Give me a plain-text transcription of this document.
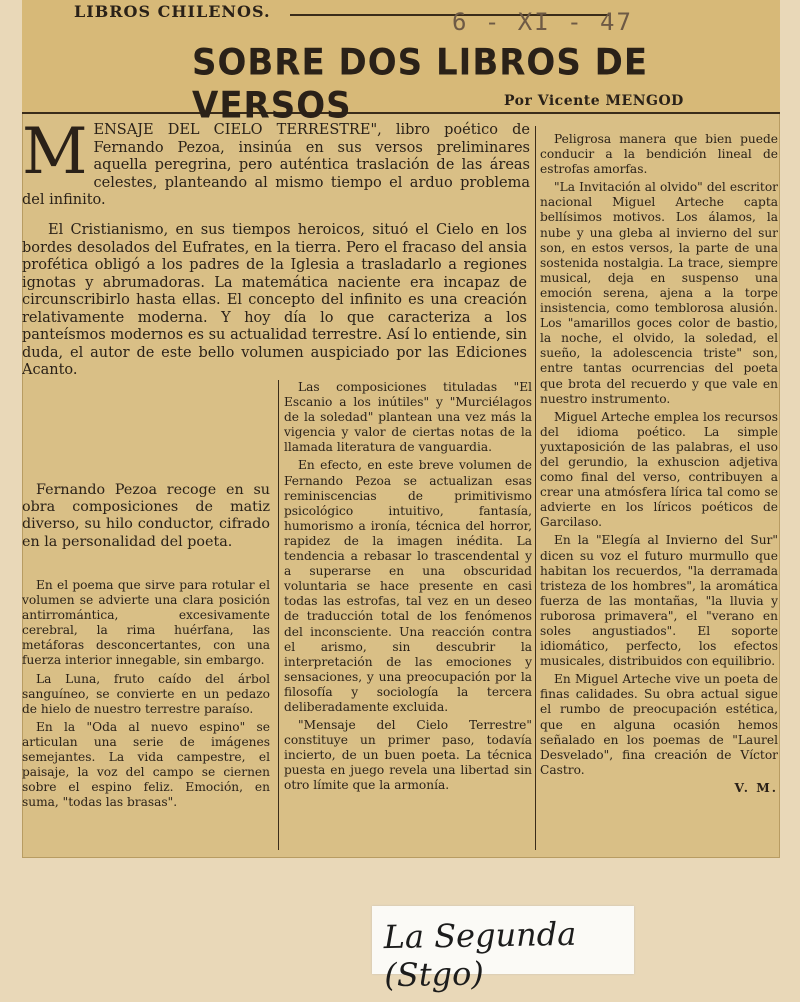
LIBROS CHILENOS.	6 - XI - 47
SOBRE DOS LIBROS DE VERSOS	Por Vicente MENGOD
M ENSAJE DEL CIELO TERRESTRE", libro poético de Fernando Pezoa, insinúa en sus versos preliminares aquella peregrina, pero auténtica traslación de las áreas celestes, planteando al mismo tiempo el arduo problema del infinito.

El Cristianismo, en sus tiempos heroicos, situó el Cielo en los bordes desolados del Eufrates, en la tierra. Pero el fracaso del ansia profética obligó a los padres de la Iglesia a trasladarlo a regiones ignotas y abrumadoras. La matemática naciente era incapaz de circunscribirlo hasta ellas. El concepto del infinito es una creación relativamente moderna. Y hoy día lo que caracteriza a los panteísmos modernos es su actualidad terrestre. Así lo entiende, sin duda, el autor de este bello volumen auspiciado por las Ediciones Acanto.

Fernando Pezoa recoge en su obra composiciones de matiz diverso, su hilo conductor, cifrado en la personalidad del poeta.

En el poema que sirve para rotular el volumen se advierte una clara posición antirromántica, excesivamente cerebral, la rima huérfana, las metáforas desconcertantes, con una fuerza interior innegable, sin embargo.

La Luna, fruto caído del árbol sanguíneo, se convierte en un pedazo de hielo de nuestro terrestre paraíso.

En la "Oda al nuevo espino" se articulan una serie de imágenes semejantes. La vida campestre, el paisaje, la voz del campo se ciernen sobre el espino feliz. Emoción, en suma, "todas las brasas".

Las composiciones tituladas "El Escanio a los inútiles" y "Murciélagos de la soledad" plantean una vez más la vigencia y valor de ciertas notas de la llamada literatura de vanguardia.

En efecto, en este breve volumen de Fernando Pezoa se actualizan esas reminiscencias de primitivismo psicológico intuitivo, fantasía, humorismo a ironía, técnica del horror, rapidez de la imagen inédita. La tendencia a rebasar lo trascendental y a superarse en una obscuridad voluntaria se hace presente en casi todas las estrofas, tal vez en un deseo de traducción total de los fenómenos del inconsciente. Una reacción contra el arismo, sin descubrir la interpretación de las emociones y sensaciones, y una preocupación por la filosofía y sociología la tercera deliberadamente excluida.

"Mensaje del Cielo Terrestre" constituye un primer paso, todavía incierto, de un buen poeta. La técnica puesta en juego revela una libertad sin otro límite que la armonía.

Peligrosa manera que bien puede conducir a la bendición lineal de estrofas amorfas.

"La Invitación al olvido" del escritor nacional Miguel Arteche capta bellísimos motivos. Los álamos, la nube y una gleba al invierno del sur son, en estos versos, la parte de una sostenida nostalgia. La trace, siempre musical, deja en suspenso una emoción serena, ajena a la torpe insistencia, como temblorosa alusión. Los "amarillos goces color de bastio, la noche, el olvido, la soledad, el sueño, la adolescencia triste" son, entre tantas ocurrencias del poeta que brota del recuerdo y que vale en nuestro instrumento.

Miguel Arteche emplea los recursos del idioma poético. La simple yuxtaposición de las palabras, el uso del gerundio, la exhuscion adjetiva como final del verso, contribuyen a crear una atmósfera lírica tal como se advierte en los líricos poéticos de Garcilaso.

En la "Elegía al Invierno del Sur" dicen su voz el futuro murmullo que habitan los recuerdos, "la derramada tristeza de los hombres", la aromática fuerza de las montañas, "la lluvia y ruborosa primavera", el "verano en soles angustiados". El soporte idiomático, perfecto, los efectos musicales, distribuidos con equilibrio.

En Miguel Arteche vive un poeta de finas calidades. Su obra actual sigue el rumbo de preocupación estética, que en alguna ocasión hemos señalado en los poemas de "Laurel Desvelado", fina creación de Víctor Castro.

V. M.
La Segunda (Stgo)
